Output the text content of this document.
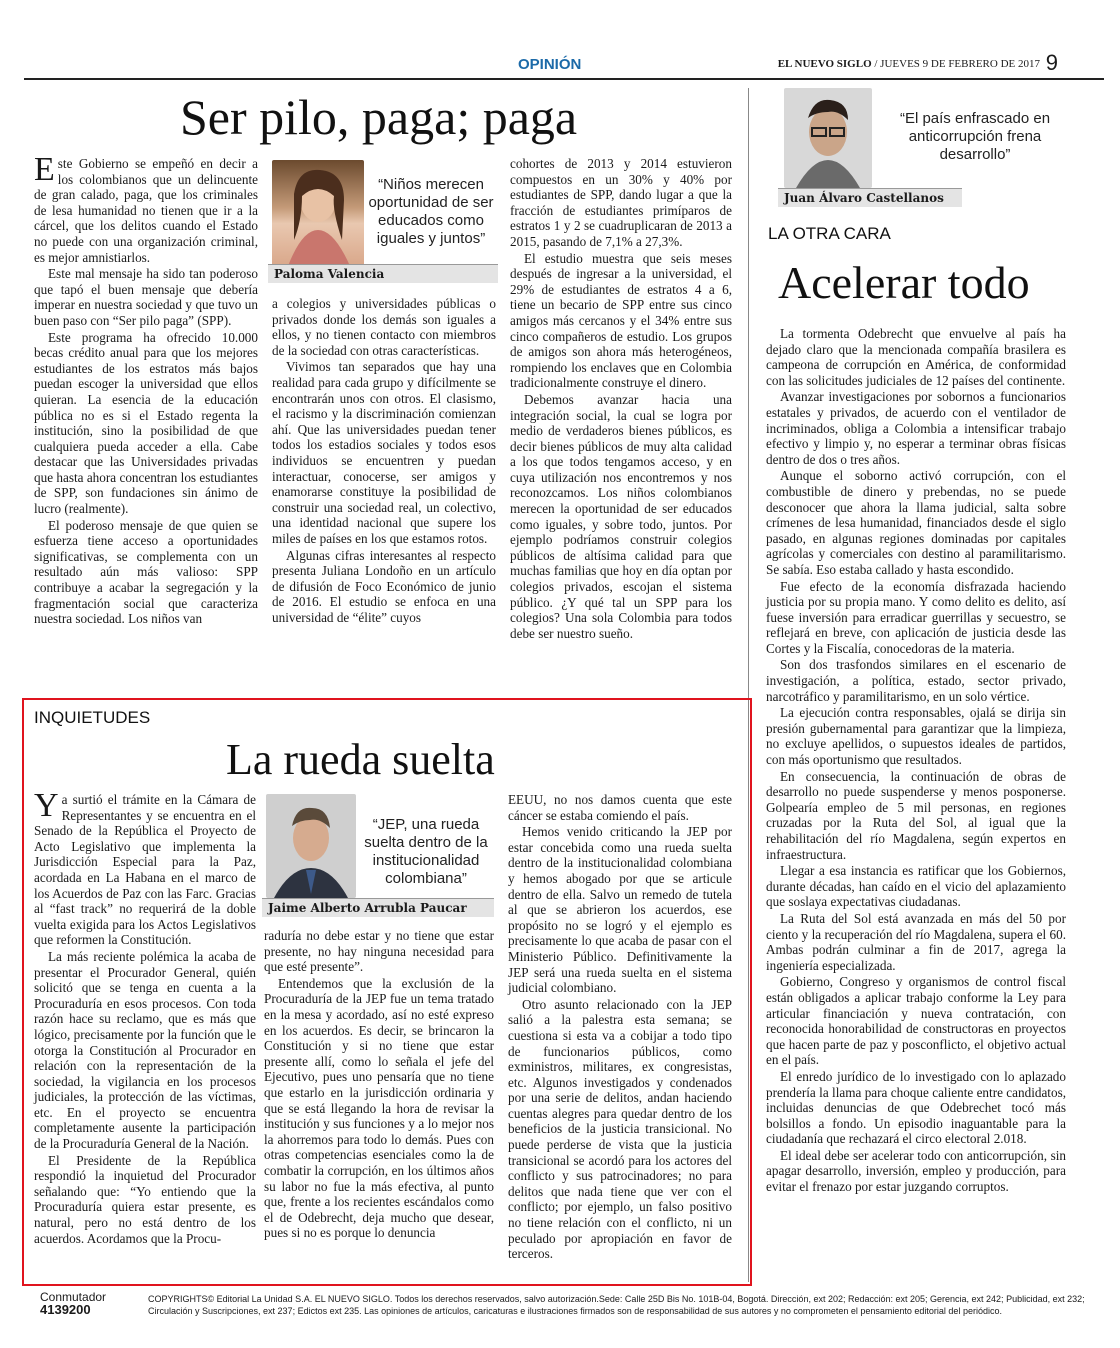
OPINIÓN	EL NUEVO SIGLO / JUEVES 9 DE FEBRERO DE 2017 9
Ser pilo, paga; paga

Este Gobierno se empeñó en decir a los colombianos que un delincuente de gran calado, paga, que los criminales de lesa humanidad no tienen que ir a la cárcel, que los delitos cuando el Estado no puede con una organización criminal, es mejor amnistiarlos.

Este mal mensaje ha sido tan poderoso que tapó el buen mensaje que debería imperar en nuestra sociedad y que tuvo un buen paso con “Ser pilo paga” (SPP).

Este programa ha ofrecido 10.000 becas crédito anual para que los mejores estudiantes de los estratos más bajos puedan escoger la universidad que ellos quieran. La esencia de la educación pública no es si el Estado regenta la institución, sino la posibilidad de que cualquiera pueda acceder a ella. Cabe destacar que las Universidades privadas que hasta ahora concentran los estudiantes de SPP, son fundaciones sin ánimo de lucro (realmente).

El poderoso mensaje de que quien se esfuerza tiene acceso a oportunidades significativas, se complementa con un resultado aún más valioso: SPP contribuye a acabar la segregación y la fragmentación social que caracteriza nuestra sociedad. Los niños van

Paloma Valencia
“Niños merecen oportunidad de ser educados como iguales y juntos”

a colegios y universidades públicas o privados donde los demás son iguales a ellos, y no tienen contacto con miembros de la sociedad con otras características.

Vivimos tan separados que hay una realidad para cada grupo y difícilmente se encontrarán unos con otros. El clasismo, el racismo y la discriminación comienzan ahí. Que las universidades puedan tener todos los estadios sociales y todos esos individuos se encuentren y puedan interactuar, conocerse, ser amigos y enamorarse constituye la posibilidad de construir una sociedad real, un colectivo, una identidad nacional que supere los miles de países en los que estamos rotos.

Algunas cifras interesantes al respecto presenta Juliana Londoño en un artículo de difusión de Foco Económico de junio de 2016. El estudio se enfoca en una universidad de “élite” cuyos

cohortes de 2013 y 2014 estuvieron compuestos en un 30% y 40% por estudiantes de SPP, dando lugar a que la fracción de estudiantes primíparos de estratos 1 y 2 se cuadruplicaran de 2013 a 2015, pasando de 7,1% a 27,3%.

El estudio muestra que seis meses después de ingresar a la universidad, el 29% de estudiantes de estratos 4 a 6, tiene un becario de SPP entre sus cinco amigos más cercanos y el 34% entre sus cinco compañeros de estudio. Los grupos de amigos son ahora más heterogéneos, rompiendo los enclaves que en Colombia tradicionalmente construye el dinero.

Debemos avanzar hacia una integración social, la cual se logra por medio de verdaderos bienes públicos, es decir bienes públicos de muy alta calidad a los que todos tengamos acceso, y en cuya utilización nos encontremos y nos reconozcamos. Los niños colombianos merecen la oportunidad de ser educados como iguales, y sobre todo, juntos. Por ejemplo podríamos construir colegios públicos de altísima calidad para que muchas familias que hoy en día optan por colegios privados, escojan el sistema público. ¿Y qué tal un SPP para los colegios? Una sola Colombia para todos debe ser nuestro sueño.

Juan Álvaro Castellanos
“El país enfrascado en anticorrupción frena desarrollo”
LA OTRA CARA
Acelerar todo

La tormenta Odebrecht que envuelve al país ha dejado claro que la mencionada compañía brasilera es campeona de corrupción en América, de conformidad con las solicitudes judiciales de 12 países del continente.

Avanzar investigaciones por sobornos a funcionarios estatales y privados, de acuerdo con el ventilador de incriminados, obliga a Colombia a intensificar trabajo efectivo y limpio y, no esperar a terminar obras físicas dentro de dos o tres años.

Aunque el soborno activó corrupción, con el combustible de dinero y prebendas, no se puede desconocer que ahora la llama judicial, salta sobre crímenes de lesa humanidad, financiados desde el siglo pasado, en algunas regiones dominadas por capitales agrícolas y comerciales con destino al paramilitarismo. Se sabía. Eso estaba callado y hasta escondido.

Fue efecto de la economía disfrazada haciendo justicia por su propia mano. Y como delito es delito, así fuese inversión para erradicar guerrillas y secuestro, se reflejará en breve, con aplicación de justicia desde las Cortes y la Fiscalía, conocedoras de la materia.

Son dos trasfondos similares en el escenario de investigación, a política, estado, sector privado, narcotráfico y paramilitarismo, en un solo vértice.

La ejecución contra responsables, ojalá se dirija sin presión gubernamental para garantizar que la limpieza, no excluye apellidos, o supuestos ideales de partidos, con más oportunismo que resultados.

En consecuencia, la continuación de obras de desarrollo no puede suspenderse y menos posponerse. Golpearía empleo de 5 mil personas, en regiones cruzadas por la Ruta del Sol, al igual que la rehabilitación del río Magdalena, según expertos en infraestructura.

Llegar a esa instancia es ratificar que los Gobiernos, durante décadas, han caído en el vicio del aplazamiento que soslaya expectativas ciudadanas.

La Ruta del Sol está avanzada en más del 50 por ciento y la recuperación del río Magdalena, supera el 60. Ambas podrán culminar a fin de 2017, agrega la ingeniería especializada.

Gobierno, Congreso y organismos de control fiscal están obligados a aplicar trabajo conforme la Ley para articular financiación y nueva contratación, con reconocida honorabilidad de constructoras en proyectos que hacen parte de paz y posconflicto, el objetivo actual en el país.

El enredo jurídico de lo investigado con lo aplazado prendería la llama para choque caliente entre candidatos, incluidas denuncias de que Odebrechet tocó más bolsillos a fondo. Un episodio inaguantable para la ciudadanía que rechazará el circo electoral 2.018.

El ideal debe ser acelerar todo con anticorrupción, sin apagar desarrollo, inversión, empleo y producción, para evitar el frenazo por estar juzgando corruptos.

INQUIETUDES
La rueda suelta

Ya surtió el trámite en la Cámara de Representantes y se encuentra en el Senado de la República el Proyecto de Acto Legislativo que implementa la Jurisdicción Especial para la Paz, acordada en La Habana en el marco de los Acuerdos de Paz con las Farc. Gracias al “fast track” no requerirá de la doble vuelta exigida para los Actos Legislativos que reformen la Constitución.

La más reciente polémica la acaba de presentar el Procurador General, quién solicitó que se tenga en cuenta a la Procuraduría en esos procesos. Con toda razón hace su reclamo, que es más que lógico, precisamente por la función que le otorga la Constitución al Procurador en relación con la representación de la sociedad, la vigilancia en los procesos judiciales, la protección de las víctimas, etc. En el proyecto se encuentra completamente ausente la participación de la Procuraduría General de la Nación.

El Presidente de la República respondió la inquietud del Procurador señalando que: “Yo entiendo que la Procuraduría quiera estar presente, es natural, pero no está dentro de los acuerdos. Acordamos que la Procu-

Jaime Alberto Arrubla Paucar
“JEP, una rueda suelta dentro de la institucionalidad colombiana”

raduría no debe estar y no tiene que estar presente, no hay ninguna necesidad para que esté presente”.

Entendemos que la exclusión de la Procuraduría de la JEP fue un tema tratado en la mesa y acordado, así no esté expreso en los acuerdos. Es decir, se brincaron la Constitución y si no tiene que estar presente allí, como lo señala el jefe del Ejecutivo, pues uno pensaría que no tiene que estarlo en la jurisdicción ordinaria y que se está llegando la hora de revisar la institución y sus funciones y a lo mejor nos la ahorremos para todo lo demás. Pues con otras competencias esenciales como la de combatir la corrupción, en los últimos años su labor no fue la más efectiva, al punto que, frente a los recientes escándalos como el de Odebrecht, deja mucho que desear, pues si no es porque lo denuncia

EEUU, no nos damos cuenta que este cáncer se estaba comiendo el país.

Hemos venido criticando la JEP por estar concebida como una rueda suelta dentro de la institucionalidad colombiana y hemos abogado por que se articule dentro de ella. Salvo un remedo de tutela al que se abrieron los acuerdos, ese propósito no se logró y el ejemplo es precisamente lo que acaba de pasar con el Ministerio Público. Definitivamente la JEP será una rueda suelta en el sistema judicial colombiano.

Otro asunto relacionado con la JEP salió a la palestra esta semana; se cuestiona si esta va a cobijar a todo tipo de funcionarios públicos, como exministros, militares, ex congresistas, etc. Algunos investigados y condenados por una serie de delitos, andan haciendo cuentas alegres para quedar dentro de los beneficios de la justicia transicional. No puede perderse de vista que la justicia transicional se acordó para los actores del conflicto y sus patrocinadores; no para delitos que nada tiene que ver con el conflicto; por ejemplo, un falso positivo no tiene relación con el conflicto, ni un peculado por apropiación en favor de terceros.

Conmutador
4139200
COPYRIGHTS© Editorial La Unidad S.A. EL NUEVO SIGLO. Todos los derechos reservados, salvo autorización.Sede: Calle 25D Bis No. 101B-04, Bogotá. Dirección, ext 202; Redacción: ext 205; Gerencia, ext 242; Publicidad, ext 232; Circulación y Suscripciones, ext 237; Edictos ext 235. Las opiniones de artículos, caricaturas e ilustraciones firmados son de responsabilidad de sus autores y no comprometen el pensamiento editorial del periódico.
